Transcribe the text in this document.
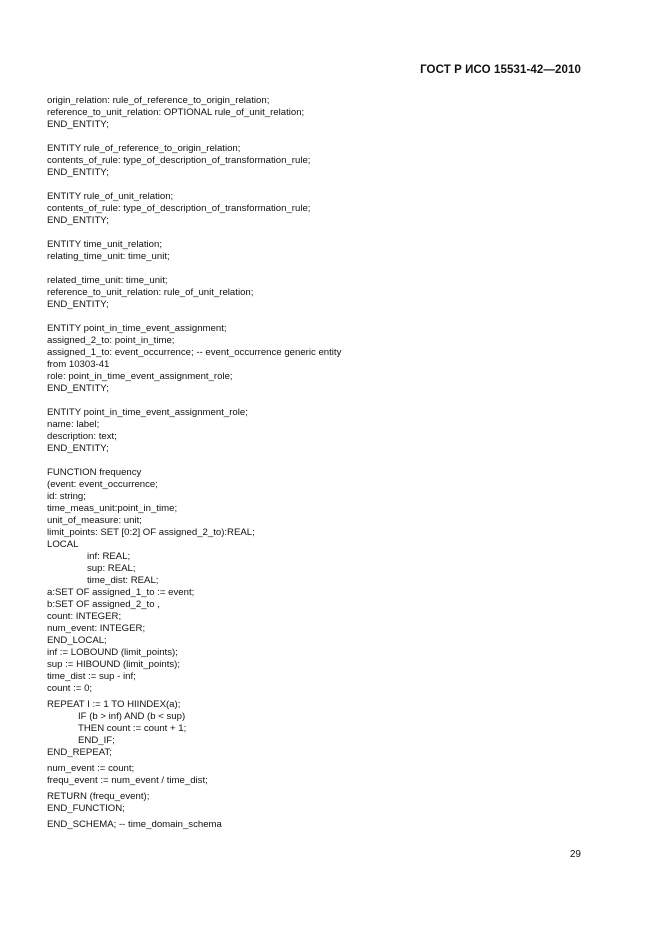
ГОСТ Р ИСО 15531-42—2010
origin_relation: rule_of_reference_to_origin_relation;
reference_to_unit_relation: OPTIONAL rule_of_unit_relation;
END_ENTITY;
ENTITY rule_of_reference_to_origin_relation;
contents_of_rule: type_of_description_of_transformation_rule;
END_ENTITY;
ENTITY rule_of_unit_relation;
contents_of_rule: type_of_description_of_transformation_rule;
END_ENTITY;
ENTITY time_unit_relation;
relating_time_unit: time_unit;
related_time_unit: time_unit;
reference_to_unit_relation: rule_of_unit_relation;
END_ENTITY;
ENTITY point_in_time_event_assignment;
assigned_2_to: point_in_time;
assigned_1_to: event_occurrence; -- event_occurrence generic entity
from 10303-41
role: point_in_time_event_assignment_role;
END_ENTITY;
ENTITY point_in_time_event_assignment_role;
name: label;
description: text;
END_ENTITY;
FUNCTION frequency
(event: event_occurrence;
id: string;
time_meas_unit:point_in_time;
unit_of_measure: unit;
limit_points: SET [0:2] OF assigned_2_to):REAL;
LOCAL
inf: REAL;
sup: REAL;
time_dist: REAL;
a:SET OF assigned_1_to := event;
b:SET OF assigned_2_to ,
count: INTEGER;
num_event: INTEGER;
END_LOCAL;
inf := LOBOUND (limit_points);
sup := HIBOUND (limit_points);
time_dist := sup - inf;
count := 0;
REPEAT I := 1 TO HIINDEX(a);
IF (b > inf) AND (b < sup)
THEN count := count + 1;
END_IF;
END_REPEAT;
num_event := count;
frequ_event := num_event / time_dist;
RETURN (frequ_event);
END_FUNCTION;
END_SCHEMA; -- time_domain_schema
29
